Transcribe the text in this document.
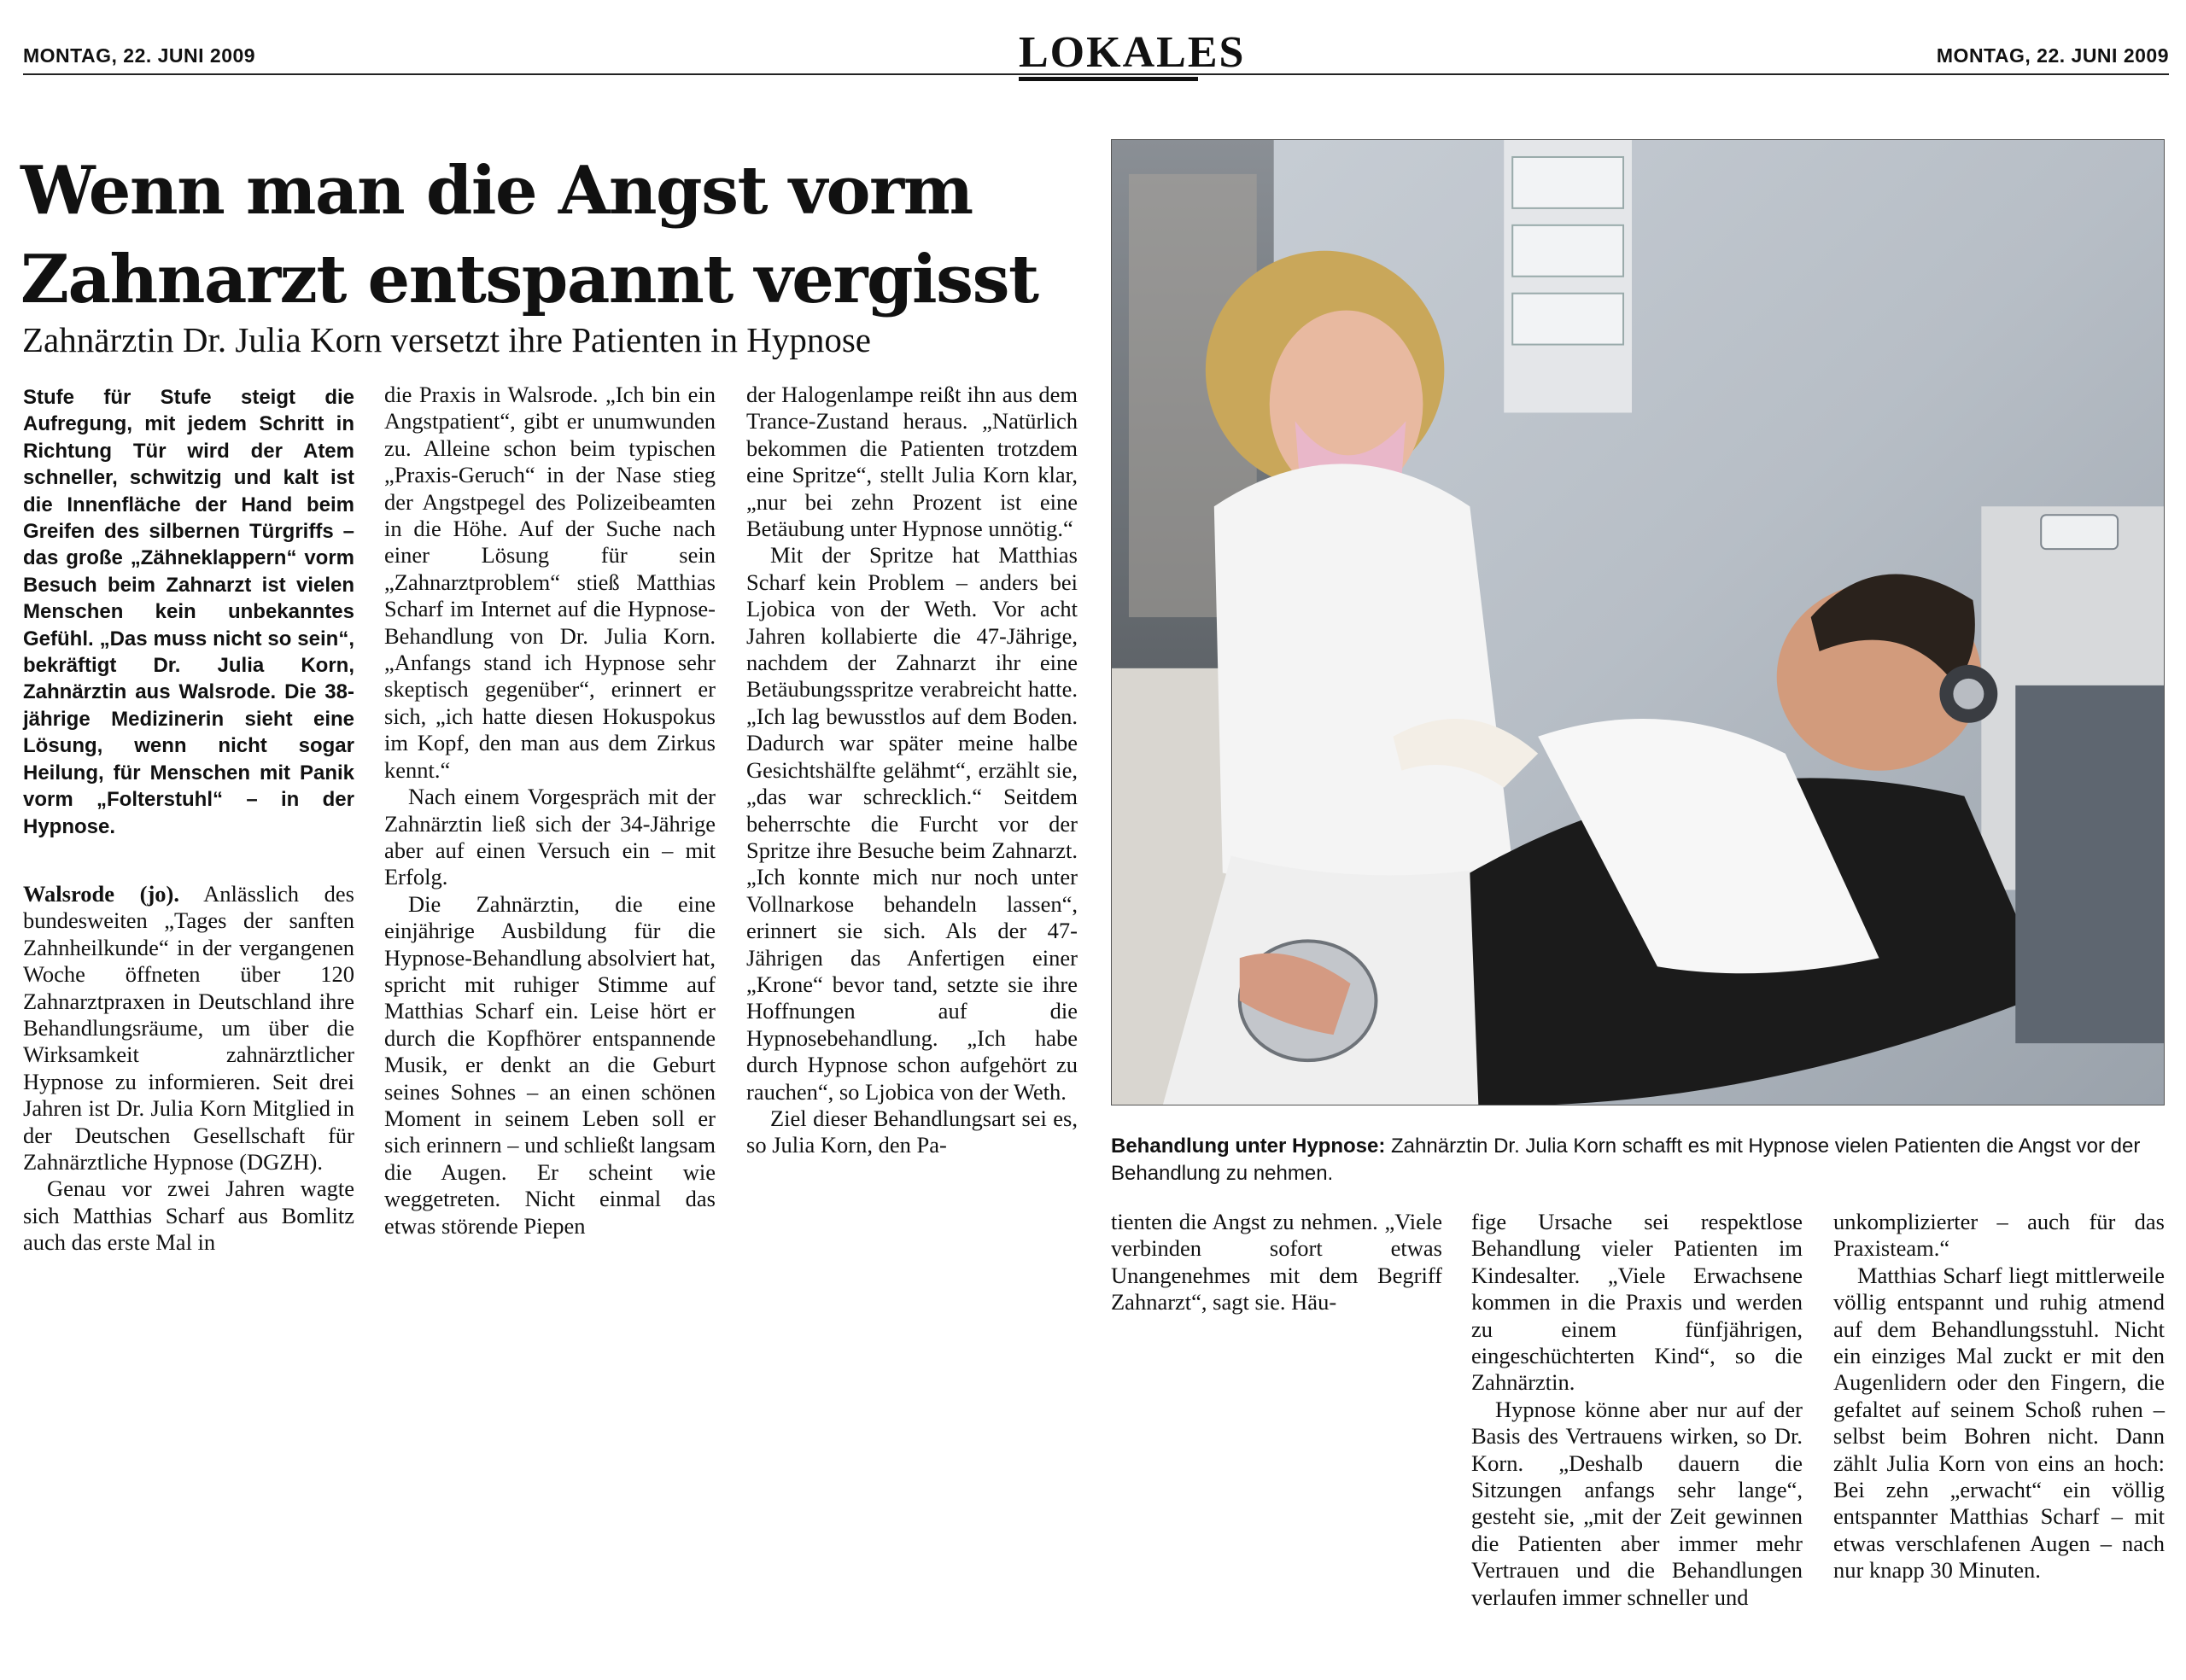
MONTAG, 22. JUNI 2009	LOKALES	MONTAG, 22. JUNI 2009
Wenn man die Angst vorm
Zahnarzt entspannt vergisst
Zahnärztin Dr. Julia Korn versetzt ihre Patienten in Hypnose

Stufe für Stufe steigt die Aufregung, mit jedem Schritt in Richtung Tür wird der Atem schneller, schwitzig und kalt ist die Innenfläche der Hand beim Greifen des silbernen Türgriffs – das große „Zähneklappern“ vorm Besuch beim Zahnarzt ist vielen Menschen kein unbekanntes Gefühl. „Das muss nicht so sein“, bekräftigt Dr. Julia Korn, Zahnärztin aus Walsrode. Die 38-jährige Medizinerin sieht eine Lösung, wenn nicht sogar Heilung, für Menschen mit Panik vorm „Folterstuhl“ – in der Hypnose.

Walsrode (jo). Anlässlich des bundesweiten „Tages der sanften Zahnheilkunde“ in der vergangenen Woche öffneten über 120 Zahnarztpraxen in Deutschland ihre Behandlungsräume, um über die Wirksamkeit zahnärztlicher Hypnose zu informieren. Seit drei Jahren ist Dr. Julia Korn Mitglied in der Deutschen Gesellschaft für Zahnärztliche Hypnose (DGZH).

Genau vor zwei Jahren wagte sich Matthias Scharf aus Bomlitz auch das erste Mal in

die Praxis in Walsrode. „Ich bin ein Angstpatient“, gibt er unumwunden zu. Alleine schon beim typischen „Praxis-Geruch“ in der Nase stieg der Angstpegel des Polizeibeamten in die Höhe. Auf der Suche nach einer Lösung für sein „Zahnarztproblem“ stieß Matthias Scharf im Internet auf die Hypnose-Behandlung von Dr. Julia Korn. „Anfangs stand ich Hypnose sehr skeptisch gegenüber“, erinnert er sich, „ich hatte diesen Hokuspokus im Kopf, den man aus dem Zirkus kennt.“

Nach einem Vorgespräch mit der Zahnärztin ließ sich der 34-Jährige aber auf einen Versuch ein – mit Erfolg.

Die Zahnärztin, die eine einjährige Ausbildung für die Hypnose-Behandlung absolviert hat, spricht mit ruhiger Stimme auf Matthias Scharf ein. Leise hört er durch die Kopfhörer entspannende Musik, er denkt an die Geburt seines Sohnes – an einen schönen Moment in seinem Leben soll er sich erinnern – und schließt langsam die Augen. Er scheint wie weggetreten. Nicht einmal das etwas störende Piepen

der Halogenlampe reißt ihn aus dem Trance-Zustand heraus. „Natürlich bekommen die Patienten trotzdem eine Spritze“, stellt Julia Korn klar, „nur bei zehn Prozent ist eine Betäubung unter Hypnose unnötig.“

Mit der Spritze hat Matthias Scharf kein Problem – anders bei Ljobica von der Weth. Vor acht Jahren kollabierte die 47-Jährige, nachdem der Zahnarzt ihr eine Betäubungsspritze verabreicht hatte. „Ich lag bewusstlos auf dem Boden. Dadurch war später meine halbe Gesichtshälfte gelähmt“, erzählt sie, „das war schrecklich.“ Seitdem beherrschte die Furcht vor der Spritze ihre Besuche beim Zahnarzt. „Ich konnte mich nur noch unter Vollnarkose behandeln lassen“, erinnert sie sich. Als der 47-Jährigen das Anfertigen einer „Krone“ bevor tand, setzte sie ihre Hoffnungen auf die Hypnosebehandlung. „Ich habe durch Hypnose schon aufgehört zu rauchen“, so Ljobica von der Weth.

Ziel dieser Behandlungsart sei es, so Julia Korn, den Pa-	Behandlung unter Hypnose: Zahnärztin Dr. Julia Korn schafft es mit Hypnose vielen Patienten die Angst vor der Behandlung zu nehmen.

tienten die Angst zu nehmen. „Viele verbinden sofort etwas Unangenehmes mit dem Begriff Zahnarzt“, sagt sie. Häu-

fige Ursache sei respektlose Behandlung vieler Patienten im Kindesalter. „Viele Erwachsene kommen in die Praxis und werden zu einem fünfjährigen, eingeschüchterten Kind“, so die Zahnärztin.

Hypnose könne aber nur auf der Basis des Vertrauens wirken, so Dr. Korn. „Deshalb dauern die Sitzungen anfangs sehr lange“, gesteht sie, „mit der Zeit gewinnen die Patienten aber immer mehr Vertrauen und die Behandlungen verlaufen immer schneller und

unkomplizierter – auch für das Praxisteam.“

Matthias Scharf liegt mittlerweile völlig entspannt und ruhig atmend auf dem Behandlungsstuhl. Nicht ein einziges Mal zuckt er mit den Augenlidern oder den Fingern, die gefaltet auf seinem Schoß ruhen – selbst beim Bohren nicht. Dann zählt Julia Korn von eins an hoch: Bei zehn „erwacht“ ein völlig entspannter Matthias Scharf – mit etwas verschlafenen Augen – nach nur knapp 30 Minuten.
